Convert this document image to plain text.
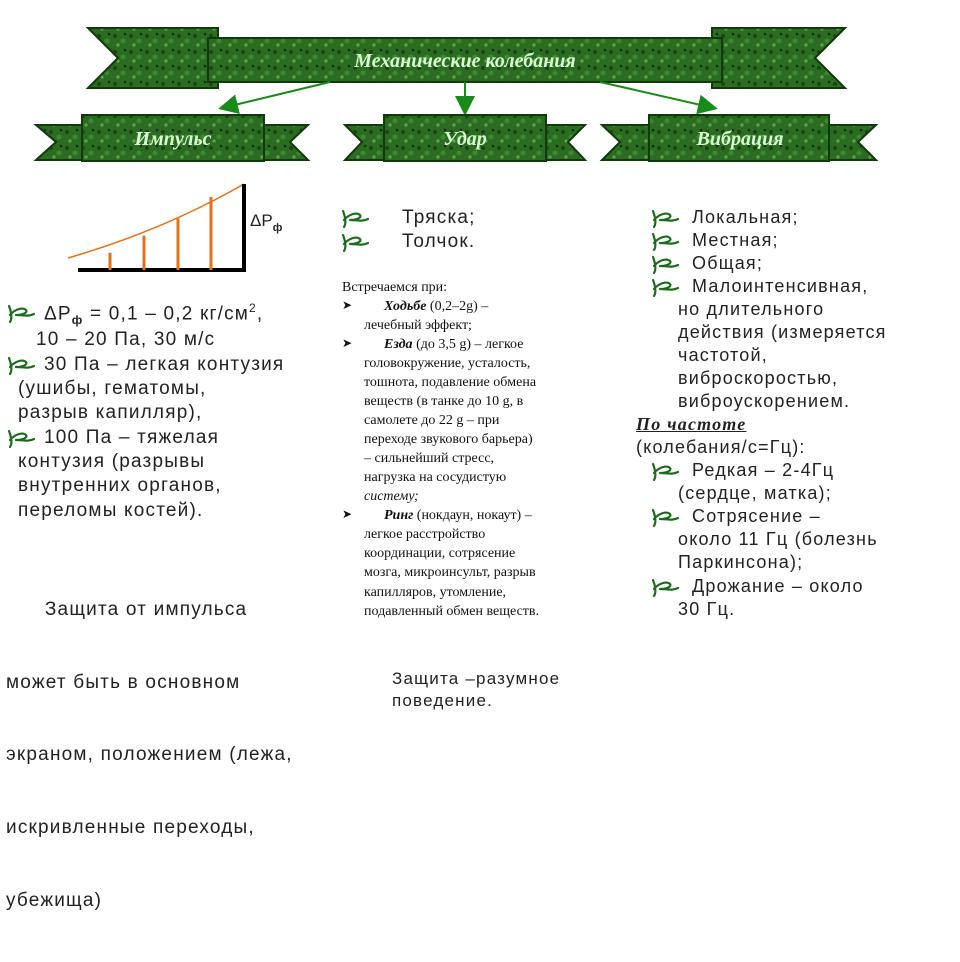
Механические колебания
Импульс	Удар	Вибрация
$\Delta Р_ф$
$\Delta Р_ф = 0,1 - 0,2$ $кг/см^2$,
10 – 20 Па, 30 м/с
30 Па – легкая контузия
(ушибы, гематомы,
разрыв капилляр),
100 Па – тяжелая
контузия (разрывы
внутренних органов,
переломы костей).

Защита от импульса

может быть в основном

экраном, положением (лежа,

искривленные переходы,

убежища)

Тряска;
Толчок.
Встречаемся при:
➤	Ходьбе (0,2–2g) –
лечебный эффект;
➤	Езда (до 3,5 g) – легкое
головокружение, усталость,
тошнота, подавление обмена
веществ (в танке до 10 g, в
самолете до 22 g – при
переходе звукового барьера)
– сильнейший стресс,
нагрузка на сосудистую
систему;
➤	Ринг (нокдаун, нокаут) –
легкое расстройство
координации, сотрясение
мозга, микроинсульт, разрыв
капилляров, утомление,
подавленный обмен веществ.
Защита –разумное
поведение.
Локальная;
Местная;
Общая;
Малоинтенсивная,
но длительного
действия (измеряется
частотой,
виброскоростью,
виброускорением.
По частоте
(колебания/с=Гц):
Редкая – 2-4Гц
(сердце, матка);
Сотрясение –
около 11 Гц (болезнь
Паркинсона);
Дрожание – около
30 Гц.
